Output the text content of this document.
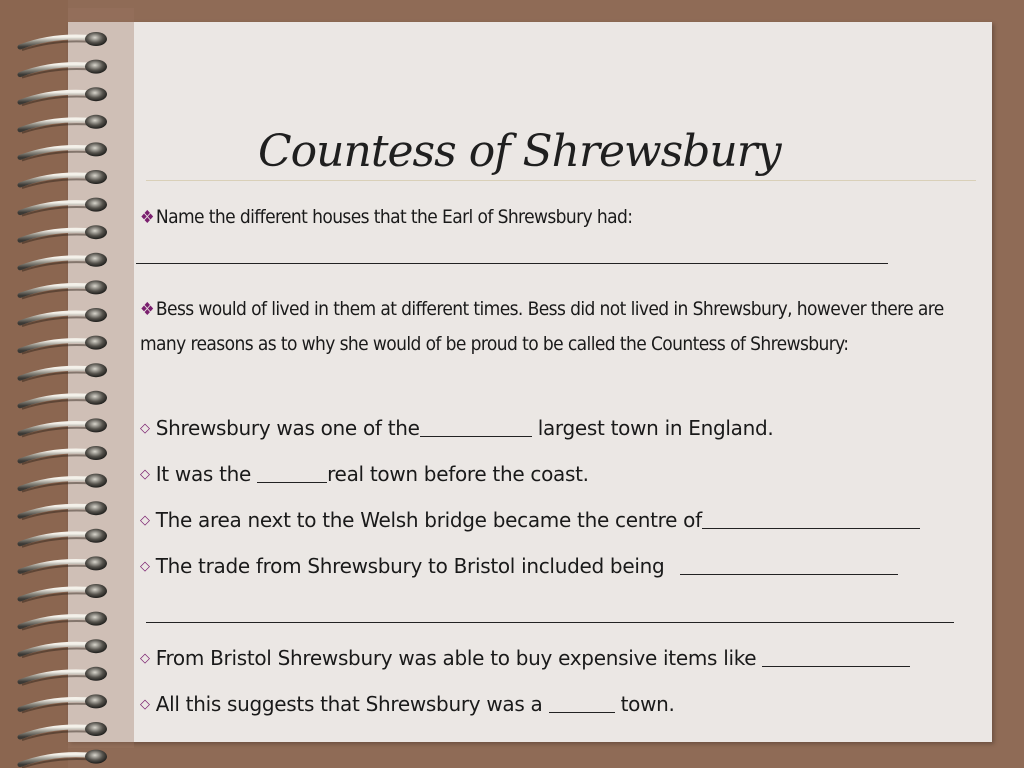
Countess of Shrewsbury
❖ Name the different houses that the Earl of Shrewsbury had:
❖ Bess would of lived in them at different times. Bess did not lived in Shrewsbury, however there are many reasons as to why she would of be proud to be called the Countess of Shrewsbury:
◇ Shrewsbury was one of the	largest town in England.
◇ It was the	real town before the coast.
◇ The area next to the Welsh bridge became the centre of
◇ The trade from Shrewsbury to Bristol included being
◇ From Bristol Shrewsbury was able to buy expensive items like
◇ All this suggests that Shrewsbury was a	town.
